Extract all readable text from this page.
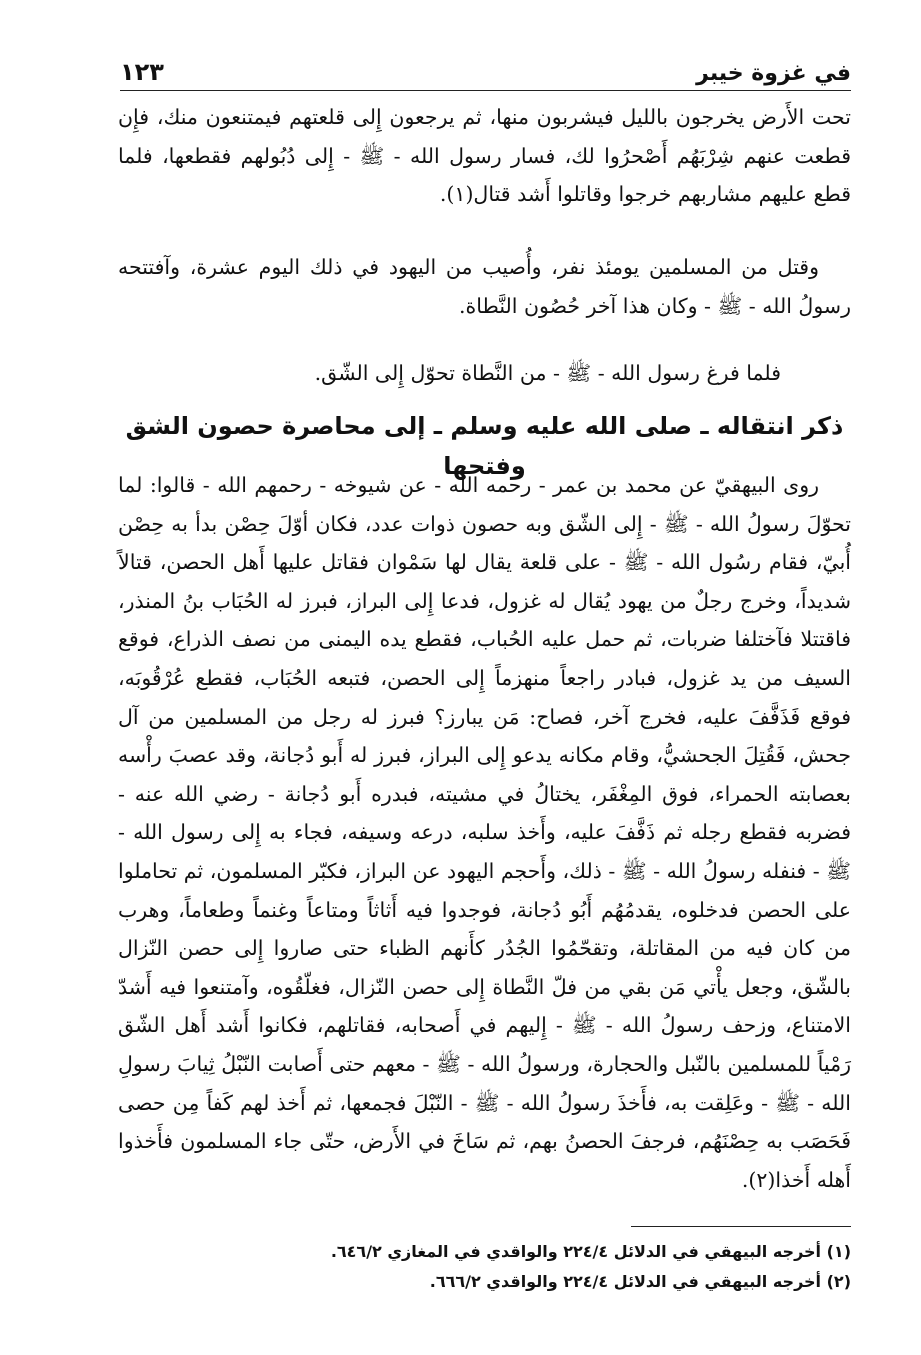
في غزوة خيبر
١٢٣
تحت الأَرض يخرجون بالليل فيشربون منها، ثم يرجعون إِلى قلعتهم فيمتنعون منك، فإِن قطعت عنهم شِرْبَهُم أَصْحرُوا لك، فسار رسول الله - ﷺ - إِلى دُبُولهم فقطعها، فلما قطع عليهم مشاربهم خرجوا وقاتلوا أَشد قتال(١).
وقتل من المسلمين يومئذ نفر، وأُصيب من اليهود في ذلك اليوم عشرة، وآفتتحه رسولُ الله - ﷺ - وكان هذا آخر حُصُون النَّطاة.
فلما فرغ رسول الله - ﷺ - من النَّطاة تحوّل إِلى الشّق.
ذكر انتقاله ـ صلى الله عليه وسلم ـ إلى محاصرة حصون الشق وفتحها
روى البيهقيّ عن محمد بن عمر - رحمه الله - عن شيوخه - رحمهم الله - قالوا: لما تحوّلَ رسولُ الله - ﷺ - إِلى الشّق وبه حصون ذوات عدد، فكان أوّلَ حِصْن بدأ به حِصْن أُبيّ، فقام رسُول الله - ﷺ - على قلعة يقال لها سَمْوان فقاتل عليها أَهل الحصن، قتالاً شديداً، وخرج رجلٌ من يهود يُقال له غزول، فدعا إِلى البراز، فبرز له الحُبَاب بنُ المنذر، فاقتتلا فآختلفا ضربات، ثم حمل عليه الحُباب، فقطع يده اليمنى من نصف الذراع، فوقع السيف من يد غزول، فبادر راجعاً منهزماً إِلى الحصن، فتبعه الحُبَاب، فقطع عُرْقُوبَه، فوقع فَذَفَّفَ عليه، فخرج آخر، فصاح: مَن يبارز؟ فبرز له رجل من المسلمين من آل جحش، فَقُتِلَ الجحشيُّ، وقام مكانه يدعو إِلى البراز، فبرز له أَبو دُجانة، وقد عصبَ رأْسه بعصابته الحمراء، فوق المِغْفَر، يختالُ في مشيته، فبدره أَبو دُجانة - رضي الله عنه - فضربه فقطع رجله ثم ذَفَّفَ عليه، وأَخذ سلبه، درعه وسيفه، فجاء به إِلى رسول الله - ﷺ - فنفله رسولُ الله - ﷺ - ذلك، وأَحجم اليهود عن البراز، فكبّر المسلمون، ثم تحاملوا على الحصن فدخلوه، يقدمُهُم أَبُو دُجانة، فوجدوا فيه أَثاثاً ومتاعاً وغنماً وطعاماً، وهرب من كان فيه من المقاتلة، وتقحّمُوا الجُدُر كأَنهم الظباء حتى صاروا إِلى حصن النّزال بالشّق، وجعل يأْتي مَن بقي من فلّ النَّطاة إِلى حصن النّزال، فغلّقُوه، وآمتنعوا فيه أَشدّ الامتناع، وزحف رسولُ الله - ﷺ - إِليهم في أَصحابه، فقاتلهم، فكانوا أَشد أَهل الشّق رَمْياً للمسلمين بالنّبل والحجارة، ورسولُ الله - ﷺ - معهم حتى أَصابت النّبْلُ ثِيابَ رسولِ الله - ﷺ - وعَلِقت به، فأَخذَ رسولُ الله - ﷺ - النّبْلَ فجمعها، ثم أَخذ لهم كَفاً مِن حصى فَحَصَب به حِصْنَهُم، فرجفَ الحصنُ بهم، ثم سَاخَ في الأَرض، حتّى جاء المسلمون فأَخذوا أَهله أَخذا(٢).
(١) أخرجه البيهقي في الدلائل ٢٢٤/٤ والواقدي في المغازي ٦٤٦/٢.
(٢) أخرجه البيهقي في الدلائل ٢٢٤/٤ والواقدي ٦٦٦/٢.
